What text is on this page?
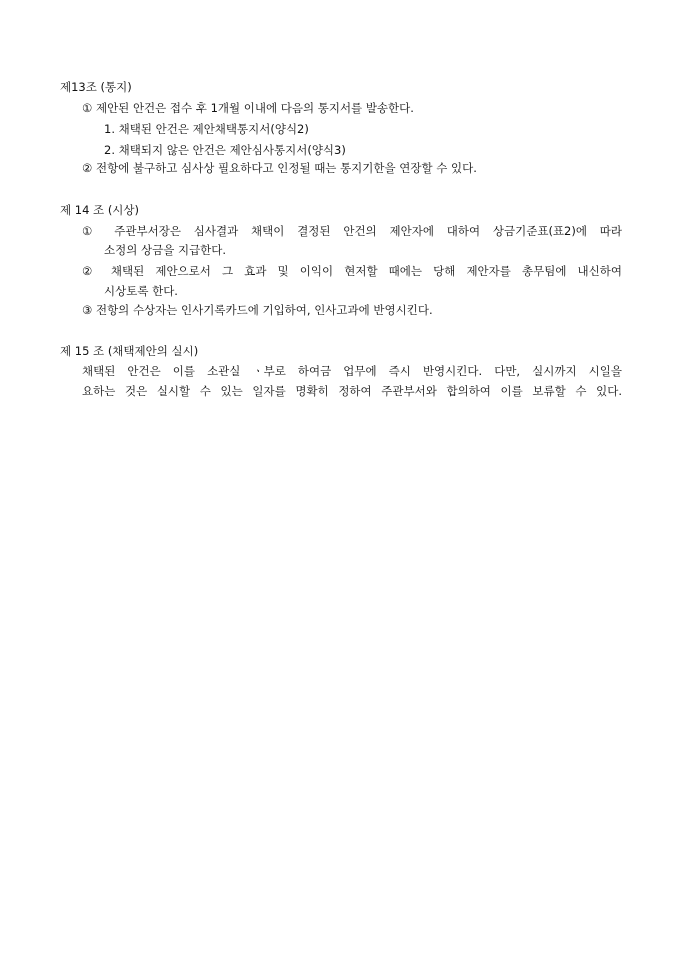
제13조 (통지)
① 제안된 안건은 접수 후 1개월 이내에 다음의 통지서를 발송한다.
1. 채택된 안건은 제안채택통지서(양식2)
2. 채택되지 않은 안건은 제안심사통지서(양식3)
② 전항에 불구하고 심사상 필요하다고 인정될 때는 통지기한을 연장할 수 있다.
제 14 조 (시상)
① 주관부서장은 심사결과 채택이 결정된 안건의 제안자에 대하여 상금기준표(표2)에 따라
소정의 상금을 지급한다.
② 채택된 제안으로서 그 효과 및 이익이 현저할 때에는 당해 제안자를 총무팀에 내신하여
시상토록 한다.
③ 전항의 수상자는 인사기록카드에 기입하여, 인사고과에 반영시킨다.
제 15 조 (채택제안의 실시)
채택된 안건은 이를 소관실 ㆍ부로 하여금 업무에 즉시 반영시킨다. 다만, 실시까지 시일을
요하는 것은 실시할 수 있는 일자를 명확히 정하여 주관부서와 합의하여 이를 보류할 수 있다.
